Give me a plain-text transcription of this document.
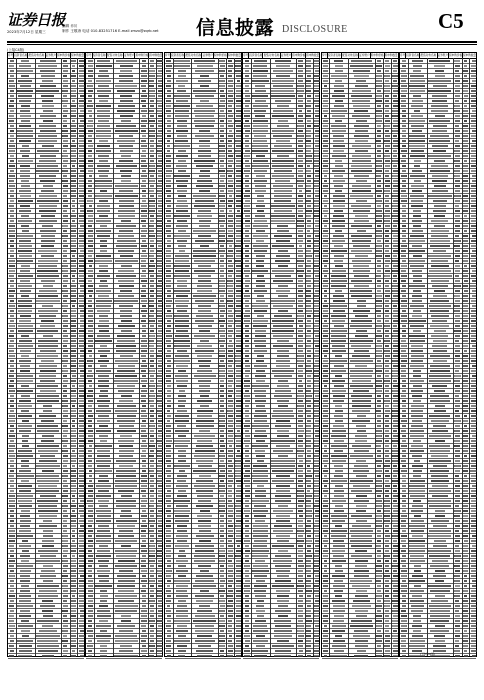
证券日报
2023年7月12日 星期三
编辑 乔川
制作 王敬涛 电话 010-83251716 E-mail zmzx@zqrb.net 信息披露 DISCLOSURE	C5
(上接C4版)
序号 投资者名称 配售对象名称 证券账户 拟申购价格 拟申购数量 序号 投资者名称 配售对象名称 证券账户 拟申购价格 拟申购数量 序号 投资者名称 配售对象名称 证券账户 拟申购价格 拟申购数量 序号 投资者名称 配售对象名称 证券账户 拟申购价格 拟申购数量 序号 投资者名称 配售对象名称 证券账户 拟申购价格 拟申购数量 序号 投资者名称 配售对象名称 证券账户 拟申购价格 拟申购数量
(下转C6版)
